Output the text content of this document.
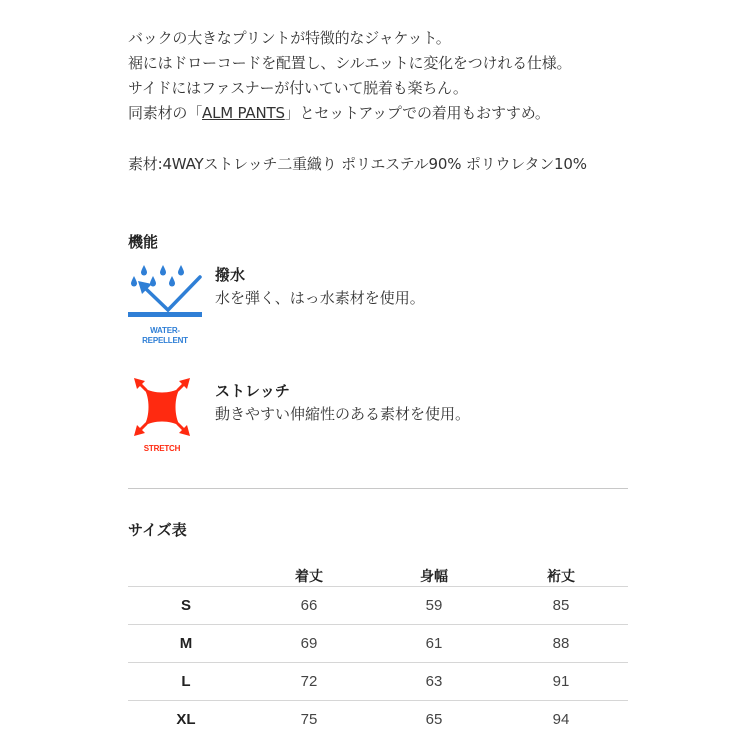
バックの大きなプリントが特徴的なジャケット。

裾にはドローコードを配置し、シルエットに変化をつけれる仕様。

サイドにはファスナーが付いていて脱着も楽ちん。

同素材の「ALM PANTS」とセットアップでの着用もおすすめ。

素材:4WAYストレッチ二重織り ポリエステル90% ポリウレタン10%
機能
WATER-
REPELLENT
撥水
水を弾く、はっ水素材を使用。
STRETCH
ストレッチ
動きやすい伸縮性のある素材を使用。
サイズ表
	着丈	身幅	裄丈
S	66	59	85
M	69	61	88
L	72	63	91
XL	75	65	94
